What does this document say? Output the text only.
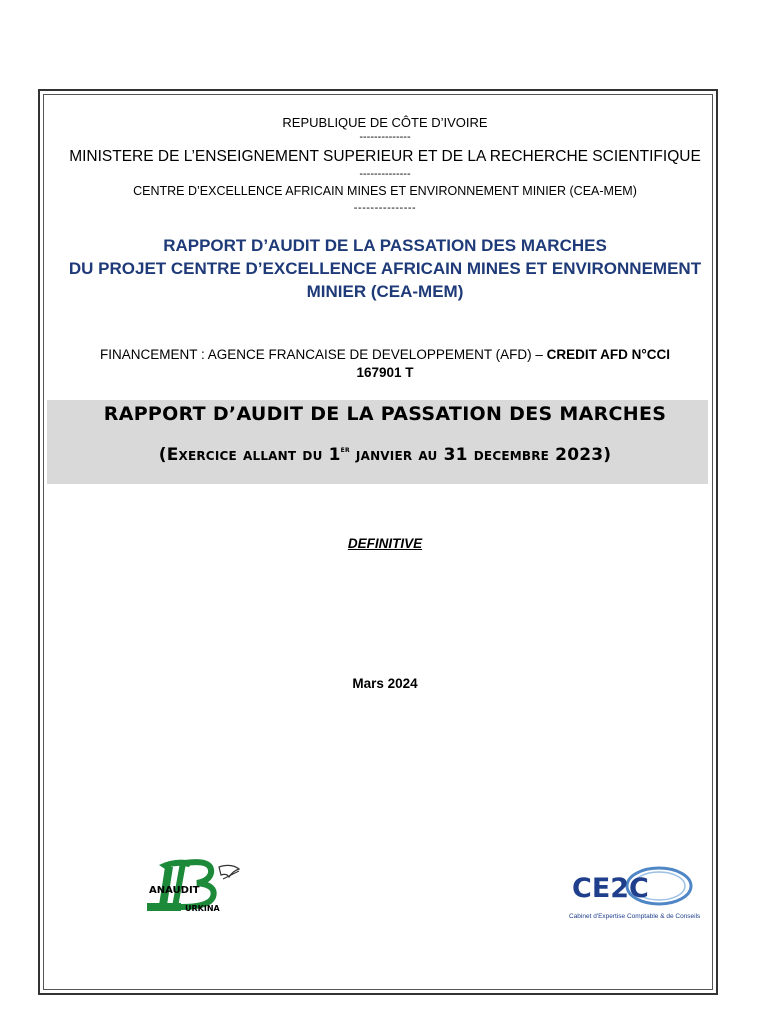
REPUBLIQUE DE CÔTE D’IVOIRE
--------------
MINISTERE DE L’ENSEIGNEMENT SUPERIEUR ET DE LA RECHERCHE SCIENTIFIQUE
--------------
CENTRE D’EXCELLENCE AFRICAIN MINES ET ENVIRONNEMENT MINIER (CEA-MEM)
---------------
RAPPORT D’AUDIT DE LA PASSATION DES MARCHES
DU PROJET CENTRE D’EXCELLENCE AFRICAIN MINES ET ENVIRONNEMENT
MINIER (CEA-MEM)
FINANCEMENT : AGENCE FRANCAISE DE DEVELOPPEMENT (AFD) – CREDIT AFD N°CCI
167901 T
RAPPORT D’AUDIT DE LA PASSATION DES MARCHES
(Exercice allant du 1er janvier au 31 decembre 2023)
DEFINITIVE
Mars 2024
ANAUDIT
URKINA
CE2C
Cabinet d'Expertise Comptable & de Conseils
